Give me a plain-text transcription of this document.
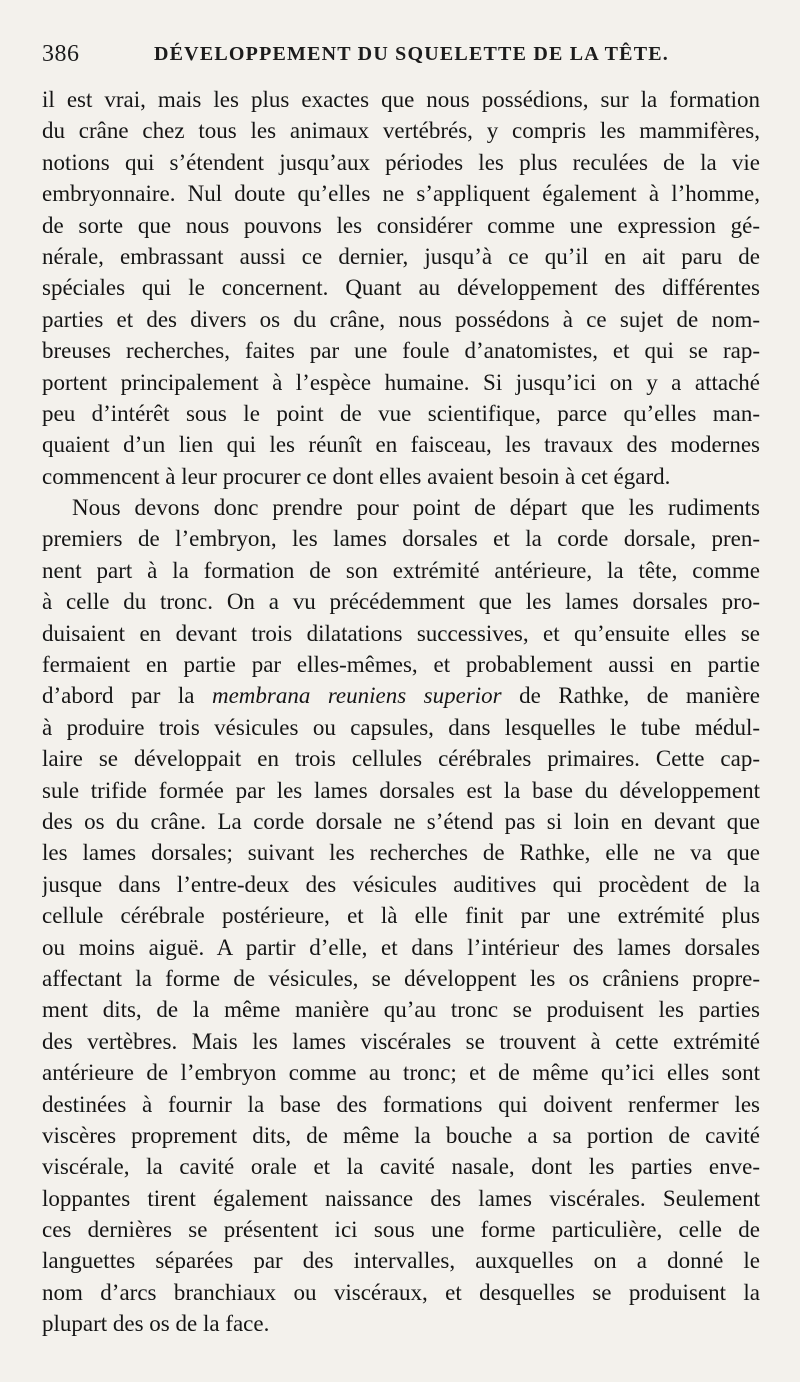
386	DÉVELOPPEMENT DU SQUELETTE DE LA TÊTE.
il est vrai, mais les plus exactes que nous possédions, sur la formation
du crâne chez tous les animaux vertébrés, y compris les mammifères,
notions qui s’étendent jusqu’aux périodes les plus reculées de la vie
embryonnaire. Nul doute qu’elles ne s’appliquent également à l’homme,
de sorte que nous pouvons les considérer comme une expression gé-
nérale, embrassant aussi ce dernier, jusqu’à ce qu’il en ait paru de
spéciales qui le concernent. Quant au développement des différentes
parties et des divers os du crâne, nous possédons à ce sujet de nom-
breuses recherches, faites par une foule d’anatomistes, et qui se rap-
portent principalement à l’espèce humaine. Si jusqu’ici on y a attaché
peu d’intérêt sous le point de vue scientifique, parce qu’elles man-
quaient d’un lien qui les réunît en faisceau, les travaux des modernes
commencent à leur procurer ce dont elles avaient besoin à cet égard.
Nous devons donc prendre pour point de départ que les rudiments
premiers de l’embryon, les lames dorsales et la corde dorsale, pren-
nent part à la formation de son extrémité antérieure, la tête, comme
à celle du tronc. On a vu précédemment que les lames dorsales pro-
duisaient en devant trois dilatations successives, et qu’ensuite elles se
fermaient en partie par elles-mêmes, et probablement aussi en partie
d’abord par la membrana reuniens superior de Rathke, de manière
à produire trois vésicules ou capsules, dans lesquelles le tube médul-
laire se développait en trois cellules cérébrales primaires. Cette cap-
sule trifide formée par les lames dorsales est la base du développement
des os du crâne. La corde dorsale ne s’étend pas si loin en devant que
les lames dorsales; suivant les recherches de Rathke, elle ne va que
jusque dans l’entre-deux des vésicules auditives qui procèdent de la
cellule cérébrale postérieure, et là elle finit par une extrémité plus
ou moins aiguë. A partir d’elle, et dans l’intérieur des lames dorsales
affectant la forme de vésicules, se développent les os crâniens propre-
ment dits, de la même manière qu’au tronc se produisent les parties
des vertèbres. Mais les lames viscérales se trouvent à cette extrémité
antérieure de l’embryon comme au tronc; et de même qu’ici elles sont
destinées à fournir la base des formations qui doivent renfermer les
viscères proprement dits, de même la bouche a sa portion de cavité
viscérale, la cavité orale et la cavité nasale, dont les parties enve-
loppantes tirent également naissance des lames viscérales. Seulement
ces dernières se présentent ici sous une forme particulière, celle de
languettes séparées par des intervalles, auxquelles on a donné le
nom d’arcs branchiaux ou viscéraux, et desquelles se produisent la
plupart des os de la face.
